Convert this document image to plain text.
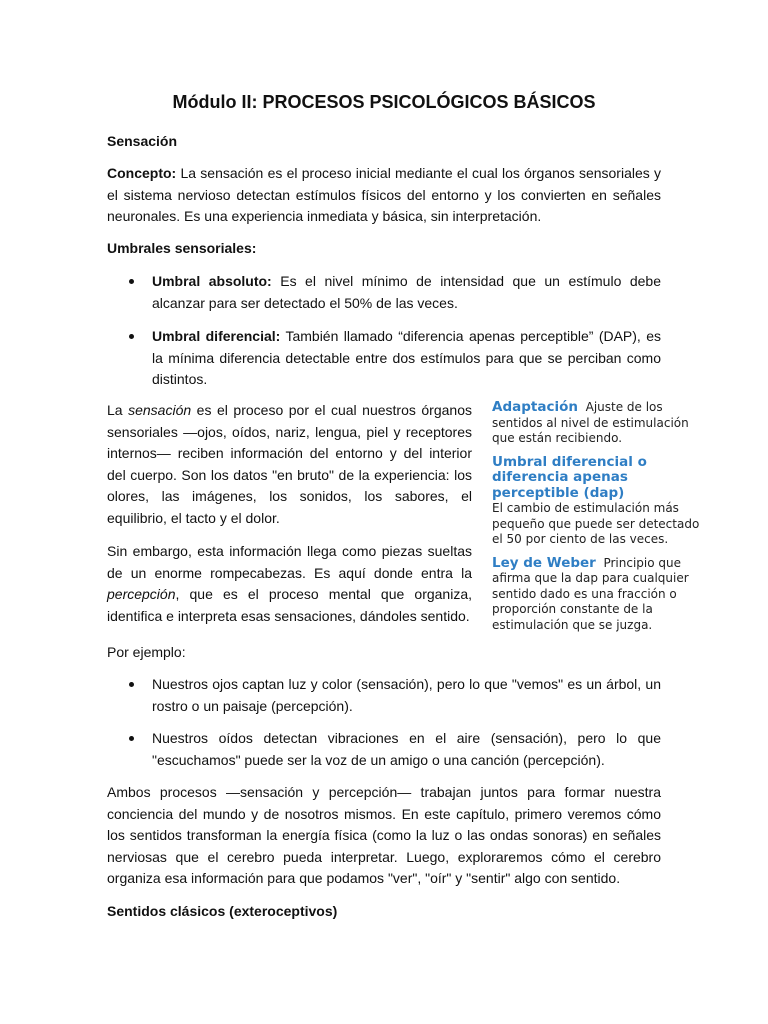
Módulo II: PROCESOS PSICOLÓGICOS BÁSICOS

Sensación

Concepto: La sensación es el proceso inicial mediante el cual los órganos sensoriales y el sistema nervioso detectan estímulos físicos del entorno y los convierten en señales neuronales. Es una experiencia inmediata y básica, sin interpretación.

Umbrales sensoriales:

Umbral absoluto: Es el nivel mínimo de intensidad que un estímulo debe alcanzar para ser detectado el 50% de las veces.
Umbral diferencial: También llamado “diferencia apenas perceptible” (DAP), es la mínima diferencia detectable entre dos estímulos para que se perciban como distintos.

La sensación es el proceso por el cual nuestros órganos sensoriales —ojos, oídos, nariz, lengua, piel y receptores internos— reciben información del entorno y del interior del cuerpo. Son los datos "en bruto" de la experiencia: los olores, las imágenes, los sonidos, los sabores, el equilibrio, el tacto y el dolor.

Sin embargo, esta información llega como piezas sueltas de un enorme rompecabezas. Es aquí donde entra la percepción, que es el proceso mental que organiza, identifica e interpreta esas sensaciones, dándoles sentido.

Adaptación Ajuste de los sentidos al nivel de estimulación que están recibiendo.
Umbral diferencial o diferencia apenas perceptible (dap)
El cambio de estimulación más pequeño que puede ser detectado el 50 por ciento de las veces.
Ley de Weber Principio que afirma que la dap para cualquier sentido dado es una fracción o proporción constante de la estimulación que se juzga.

Por ejemplo:

Nuestros ojos captan luz y color (sensación), pero lo que "vemos" es un árbol, un rostro o un paisaje (percepción).
Nuestros oídos detectan vibraciones en el aire (sensación), pero lo que "escuchamos" puede ser la voz de un amigo o una canción (percepción).

Ambos procesos —sensación y percepción— trabajan juntos para formar nuestra conciencia del mundo y de nosotros mismos. En este capítulo, primero veremos cómo los sentidos transforman la energía física (como la luz o las ondas sonoras) en señales nerviosas que el cerebro pueda interpretar. Luego, exploraremos cómo el cerebro organiza esa información para que podamos "ver", "oír" y "sentir" algo con sentido.

Sentidos clásicos (exteroceptivos)
